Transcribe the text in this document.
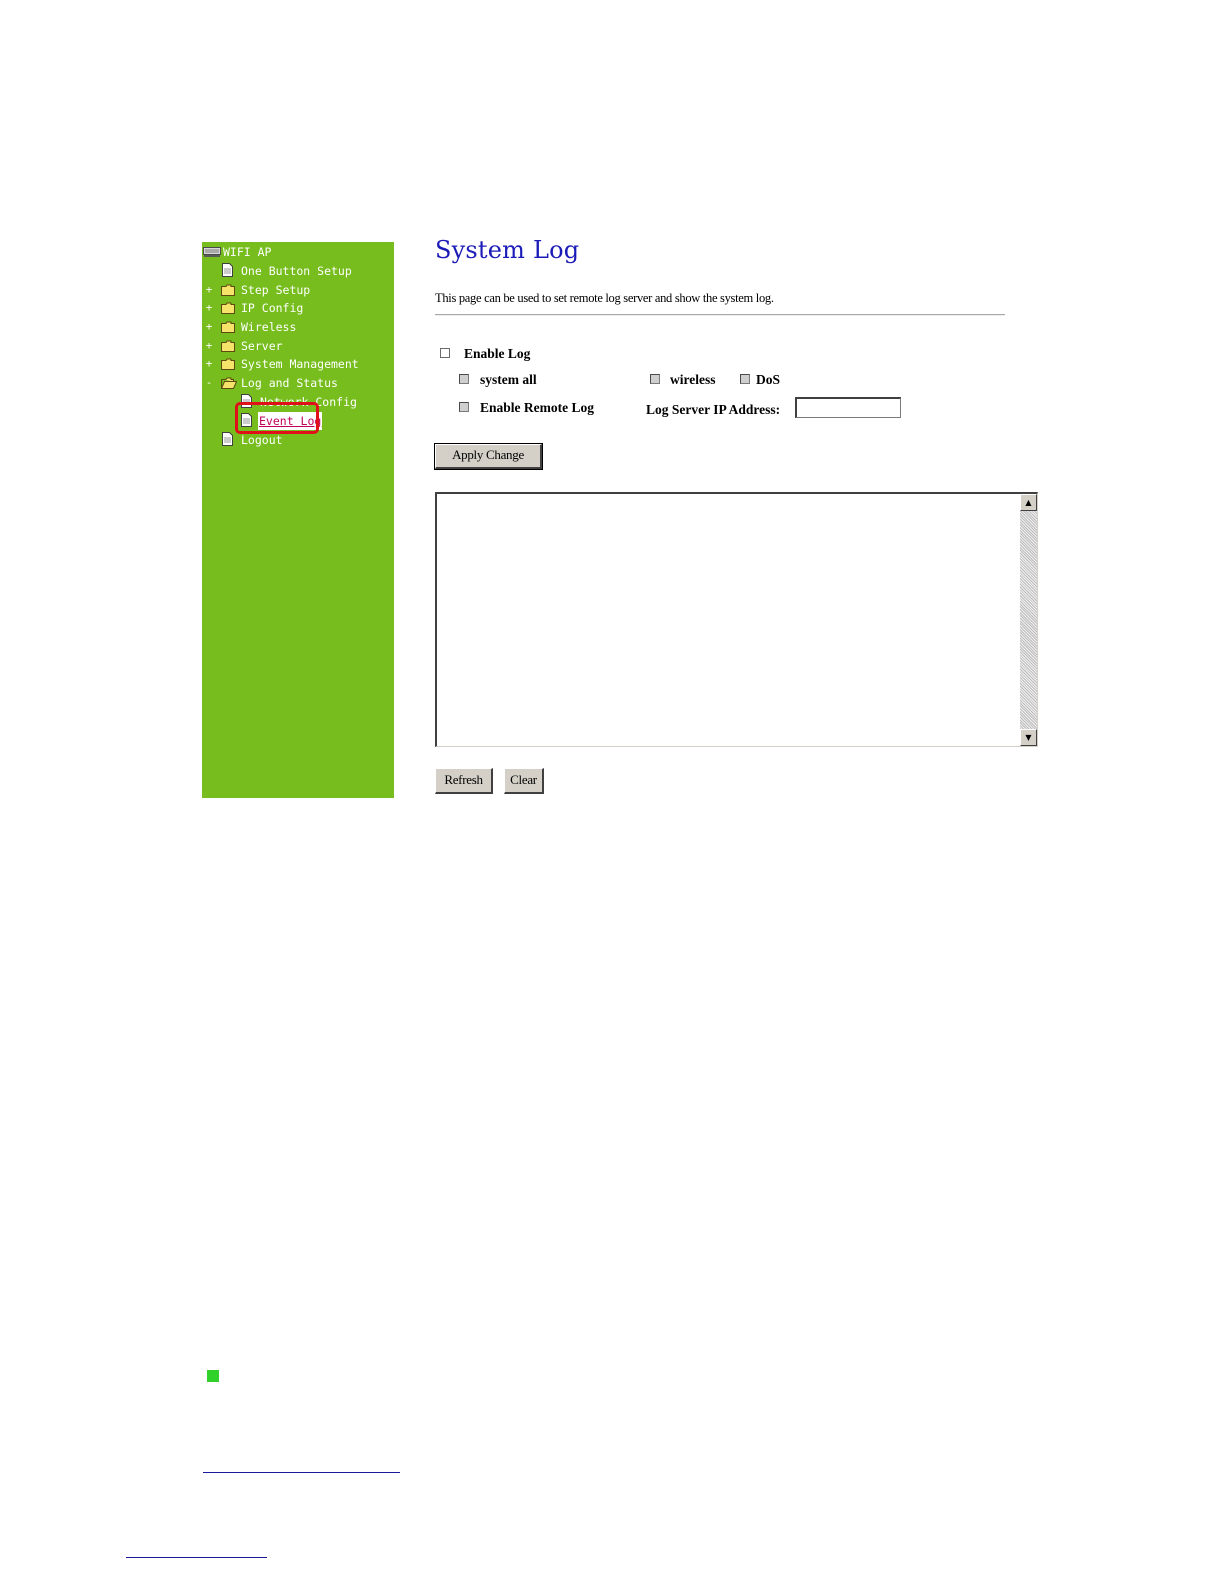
WIFI AP
One Button Setup
+ Step Setup
+ IP Config
+ Wireless
+ Server
+ System Management
- Log and Status
Network Config
Event Log
Logout
System Log
This page can be used to set remote log server and show the system log.
Enable Log
system all	wireless	DoS
Enable Remote Log	Log Server IP Address:
Apply Change
▲
▼
Refresh	Clear
